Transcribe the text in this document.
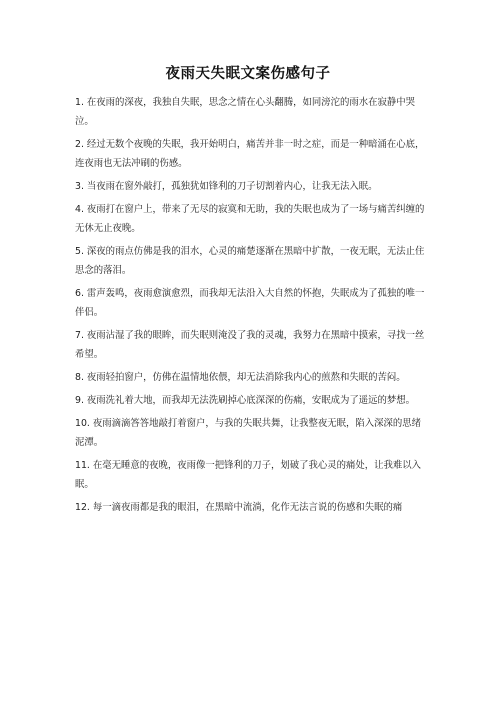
夜雨天失眠文案伤感句子

1. 在夜雨的深夜，我独自失眠，思念之情在心头翻腾，如同滂沱的雨水在寂静中哭泣。

2. 经过无数个夜晚的失眠，我开始明白，痛苦并非一时之症，而是一种暗涌在心底，连夜雨也无法冲刷的伤感。

3. 当夜雨在窗外敲打，孤独犹如锋利的刀子切割着内心，让我无法入眠。

4. 夜雨打在窗户上，带来了无尽的寂寞和无助，我的失眠也成为了一场与痛苦纠缠的无休无止夜晚。

5. 深夜的雨点仿佛是我的泪水，心灵的痛楚逐渐在黑暗中扩散，一夜无眠，无法止住思念的落泪。

6. 雷声轰鸣，夜雨愈演愈烈，而我却无法沿入大自然的怀抱，失眠成为了孤独的唯一伴侣。

7. 夜雨沾湿了我的眼眸，而失眠则淹没了我的灵魂，我努力在黑暗中摸索，寻找一丝希望。

8. 夜雨轻拍窗户，仿佛在温情地依偎，却无法消除我内心的煎熬和失眠的苦闷。

9. 夜雨洗礼着大地，而我却无法洗刷掉心底深深的伤痛，安眠成为了遥远的梦想。

10. 夜雨滴滴答答地敲打着窗户，与我的失眠共舞，让我整夜无眠，陷入深深的思绪泥潭。

11. 在毫无睡意的夜晚，夜雨像一把锋利的刀子，划破了我心灵的痛处，让我难以入眠。

12. 每一滴夜雨都是我的眼泪，在黑暗中流淌，化作无法言说的伤感和失眠的痛
